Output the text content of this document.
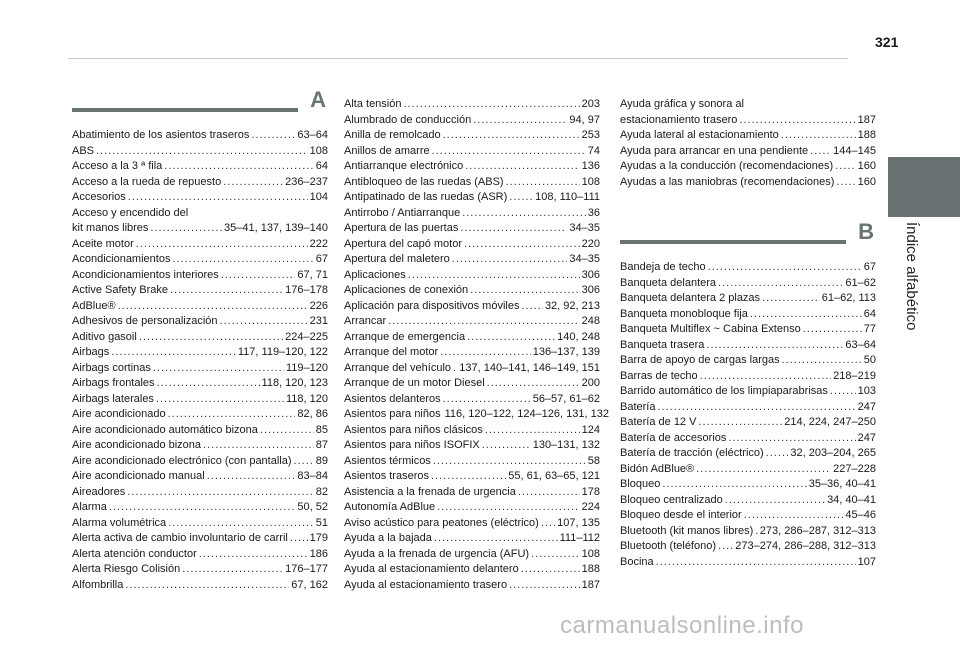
321
Índice alfabético
A
Abatimiento de los asientos traseros .....	63–64
ABS .....	108
Acceso a la 3 ª fila .....	64
Acceso a la rueda de repuesto .....	236–237
Accesorios .....	104
Acceso y encendido del
kit manos libres .....	35–41, 137, 139–140
Aceite motor .....	222
Acondicionamientos .....	67
Acondicionamientos interiores .....	67, 71
Active Safety Brake .....	176–178
AdBlue® .....	226
Adhesivos de personalización .....	231
Aditivo gasoil .....	224–225
Airbags .....	117, 119–120, 122
Airbags cortinas .....	119–120
Airbags frontales .....	118, 120, 123
Airbags laterales .....	118, 120
Aire acondicionado .....	82, 86
Aire acondicionado automático bizona .....	85
Aire acondicionado bizona .....	87
Aire acondicionado electrónico (con pantalla) ..... 89
Aire acondicionado manual .....	83–84
Aireadores .....	82
Alarma .....	50, 52
Alarma volumétrica .....	51
Alerta activa de cambio involuntario de carril ..... 179
Alerta atención conductor .....	186
Alerta Riesgo Colisión .....	176–177
Alfombrilla .....	67, 162
Alta tensión .....	203
Alumbrado de conducción .....	94, 97
Anilla de remolcado .....	253
Anillos de amarre .....	74
Antiarranque electrónico .....	136
Antibloqueo de las ruedas (ABS) .....	108
Antipatinado de las ruedas (ASR) .....	108, 110–111
Antirrobo / Antiarranque .....	36
Apertura de las puertas .....	34–35
Apertura del capó motor .....	220
Apertura del maletero .....	34–35
Aplicaciones .....	306
Aplicaciones de conexión .....	306
Aplicación para dispositivos móviles ..... 32, 92, 213
Arrancar .....	248
Arranque de emergencia .....	140, 248
Arranque del motor .....	136–137, 139
Arranque del vehículo ..... 137, 140–141, 146–149, 151
Arranque de un motor Diesel .....	200
Asientos delanteros .....	56–57, 61–62
Asientos para niños 116, 120–122, 124–126, 131, 132
Asientos para niños clásicos .....	124
Asientos para niños ISOFIX .....	130–131, 132
Asientos térmicos .....	58
Asientos traseros .....	55, 61, 63–65, 121
Asistencia a la frenada de urgencia .....	178
Autonomía AdBlue .....	224
Aviso acústico para peatones (eléctrico) ..... 107, 135
Ayuda a la bajada .....	111–112
Ayuda a la frenada de urgencia (AFU) .....	108
Ayuda al estacionamiento delantero .....	188
Ayuda al estacionamiento trasero .....	187
Ayuda gráfica y sonora al
estacionamiento trasero .....	187
Ayuda lateral al estacionamiento .....	188
Ayuda para arrancar en una pendiente ..... 144–145
Ayudas a la conducción (recomendaciones) ..... 160
Ayudas a las maniobras (recomendaciones) ..... 160
B
Bandeja de techo .....	67
Banqueta delantera .....	61–62
Banqueta delantera 2 plazas .....	61–62, 113
Banqueta monobloque fija .....	64
Banqueta Multiflex ~ Cabina Extenso .....	77
Banqueta trasera .....	63–64
Barra de apoyo de cargas largas .....	50
Barras de techo .....	218–219
Barrido automático de los limpiaparabrisas .....	103
Batería .....	247
Batería de 12 V .....	214, 224, 247–250
Batería de accesorios .....	247
Batería de tracción (eléctrico) ..... 32, 203–204, 265
Bidón AdBlue® .....	227–228
Bloqueo .....	35–36, 40–41
Bloqueo centralizado .....	34, 40–41
Bloqueo desde el interior .....	45–46
Bluetooth (kit manos libres) ..... 273, 286–287, 312–313
Bluetooth (teléfono) ..... 273–274, 286–288, 312–313
Bocina .....	107
carmanualsonline.info
